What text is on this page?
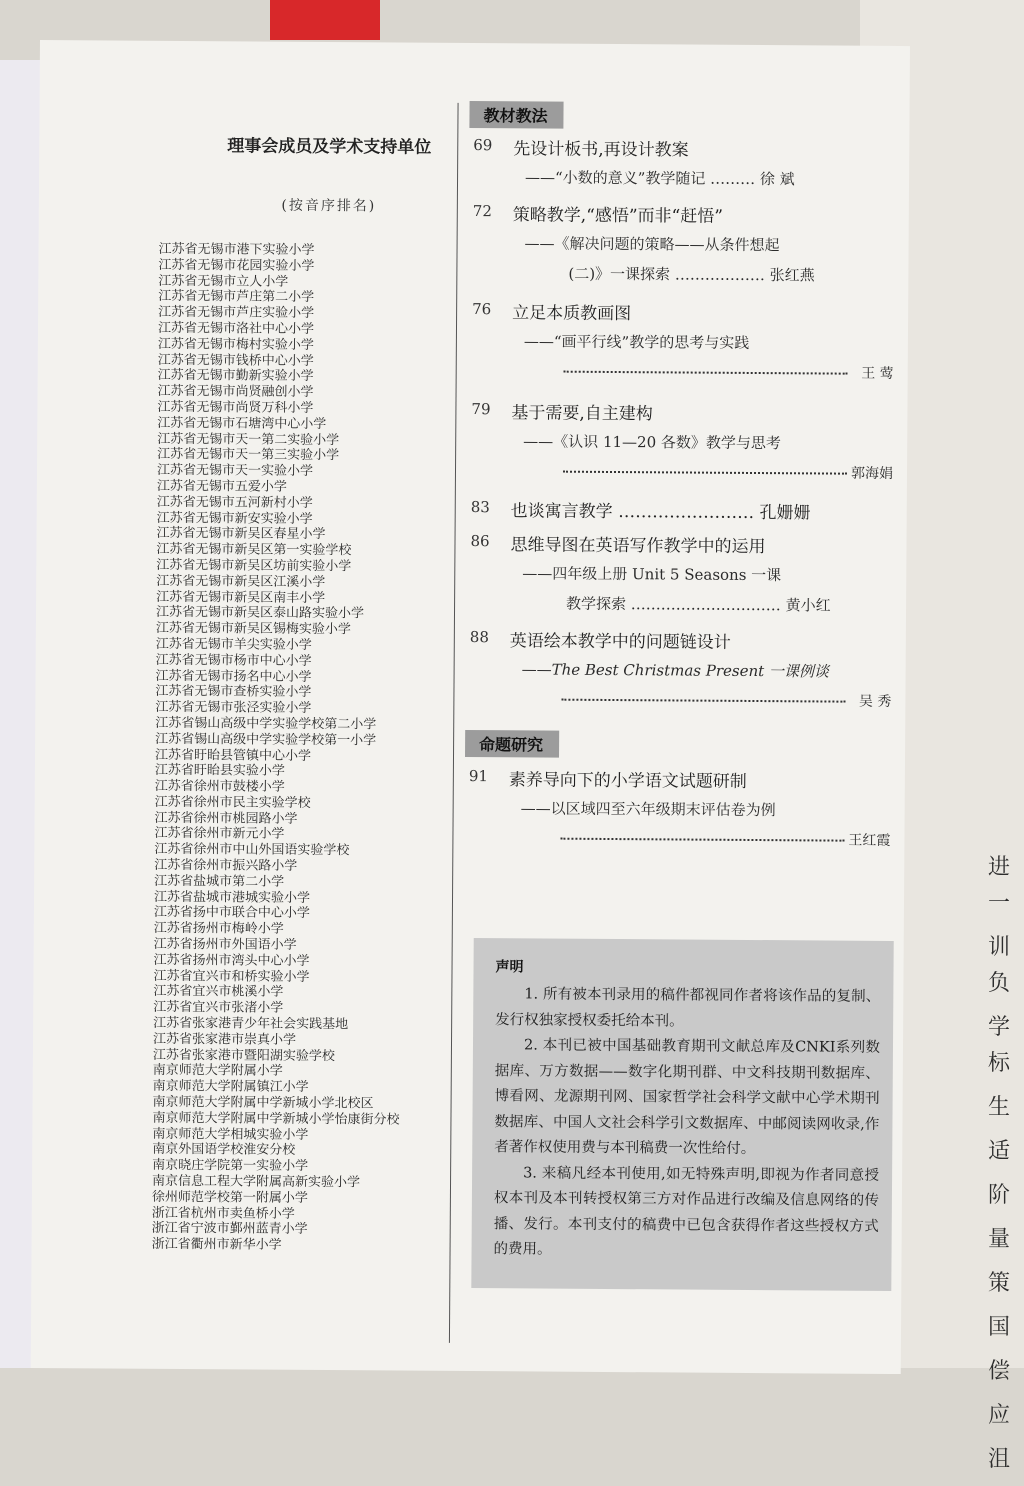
进一
训负
学标
生
适
阶
量
策
国
偿
应
沮
理事会成员及学术支持单位
(按音序排名)
江苏省无锡市港下实验小学
江苏省无锡市花园实验小学
江苏省无锡市立人小学
江苏省无锡市芦庄第二小学
江苏省无锡市芦庄实验小学
江苏省无锡市洛社中心小学
江苏省无锡市梅村实验小学
江苏省无锡市钱桥中心小学
江苏省无锡市勤新实验小学
江苏省无锡市尚贤融创小学
江苏省无锡市尚贤万科小学
江苏省无锡市石塘湾中心小学
江苏省无锡市天一第二实验小学
江苏省无锡市天一第三实验小学
江苏省无锡市天一实验小学
江苏省无锡市五爱小学
江苏省无锡市五河新村小学
江苏省无锡市新安实验小学
江苏省无锡市新吴区春星小学
江苏省无锡市新吴区第一实验学校
江苏省无锡市新吴区坊前实验小学
江苏省无锡市新吴区江溪小学
江苏省无锡市新吴区南丰小学
江苏省无锡市新吴区泰山路实验小学
江苏省无锡市新吴区锡梅实验小学
江苏省无锡市羊尖实验小学
江苏省无锡市杨市中心小学
江苏省无锡市扬名中心小学
江苏省无锡市查桥实验小学
江苏省无锡市张泾实验小学
江苏省锡山高级中学实验学校第二小学
江苏省锡山高级中学实验学校第一小学
江苏省盱眙县管镇中心小学
江苏省盱眙县实验小学
江苏省徐州市鼓楼小学
江苏省徐州市民主实验学校
江苏省徐州市桃园路小学
江苏省徐州市新元小学
江苏省徐州市中山外国语实验学校
江苏省徐州市振兴路小学
江苏省盐城市第二小学
江苏省盐城市港城实验小学
江苏省扬中市联合中心小学
江苏省扬州市梅岭小学
江苏省扬州市外国语小学
江苏省扬州市湾头中心小学
江苏省宜兴市和桥实验小学
江苏省宜兴市桃溪小学
江苏省宜兴市张渚小学
江苏省张家港青少年社会实践基地
江苏省张家港市崇真小学
江苏省张家港市暨阳湖实验学校
南京师范大学附属小学
南京师范大学附属镇江小学
南京师范大学附属中学新城小学北校区
南京师范大学附属中学新城小学怡康街分校
南京师范大学相城实验小学
南京外国语学校淮安分校
南京晓庄学院第一实验小学
南京信息工程大学附属高新实验小学
徐州师范学校第一附属小学
浙江省杭州市卖鱼桥小学
浙江省宁波市鄞州蓝青小学
浙江省衢州市新华小学
教材教法
69 先设计板书,再设计教案
——“小数的意义”教学随记 ……… 徐 斌
72 策略教学,“感悟”而非“赶悟”
——《解决问题的策略——从条件想起
(二)》一课探索 ……………… 张红燕
76 立足本质教画图
——“画平行线”教学的思考与实践
王 莺
79 基于需要,自主建构
——《认识 11—20 各数》教学与思考
郭海娟
83 也谈寓言教学 …………………… 孔姗姗
86 思维导图在英语写作教学中的运用
——四年级上册 Unit 5 Seasons 一课
教学探索 ………………………… 黄小红
88 英语绘本教学中的问题链设计
——The Best Christmas Present 一课例谈
吴 秀
命题研究
91 素养导向下的小学语文试题研制
——以区域四至六年级期末评估卷为例
王红霞
声明

1. 所有被本刊录用的稿件都视同作者将该作品的复制、发行权独家授权委托给本刊。

2. 本刊已被中国基础教育期刊文献总库及CNKI系列数据库、万方数据——数字化期刊群、中文科技期刊数据库、博看网、龙源期刊网、国家哲学社会科学文献中心学术期刊数据库、中国人文社会科学引文数据库、中邮阅读网收录,作者著作权使用费与本刊稿费一次性给付。

3. 来稿凡经本刊使用,如无特殊声明,即视为作者同意授权本刊及本刊转授权第三方对作品进行改编及信息网络的传播、发行。本刊支付的稿费中已包含获得作者这些授权方式的费用。
